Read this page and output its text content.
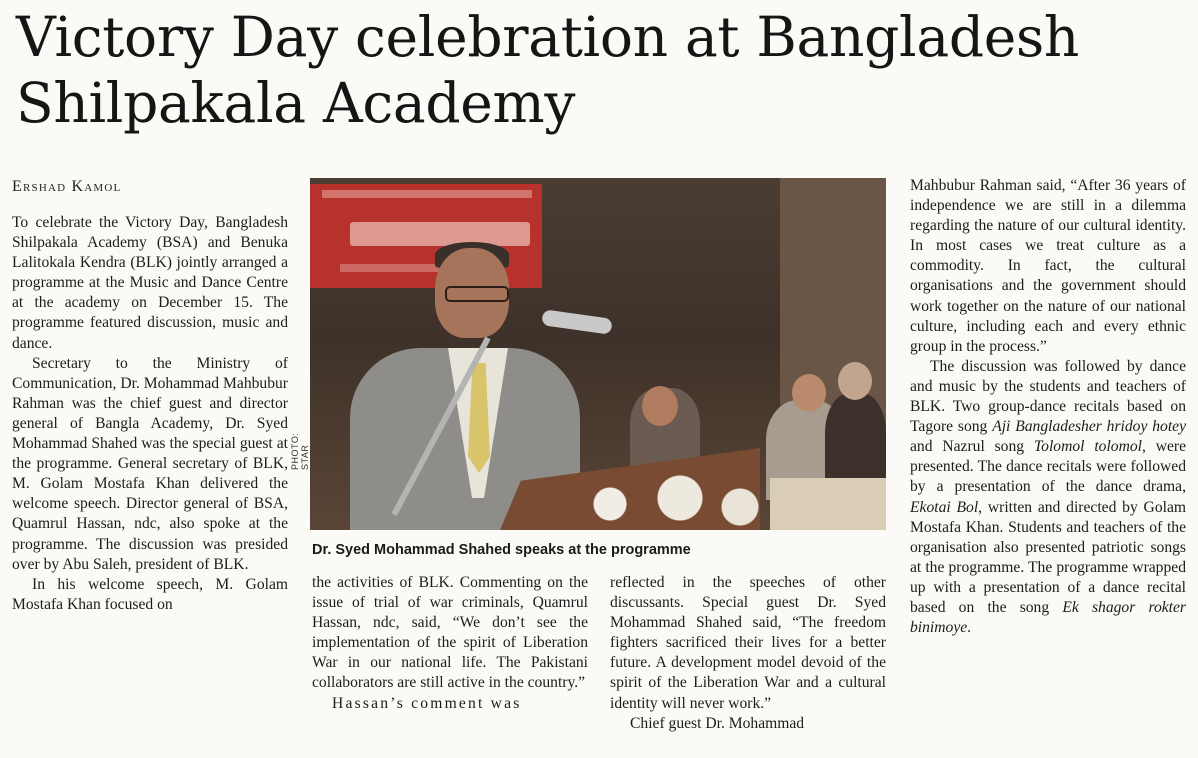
Victory Day celebration at Bangladesh
Shilpakala Academy
Ershad Kamol

To celebrate the Victory Day, Bangladesh Shilpakala Academy (BSA) and Benuka Lalitokala Kendra (BLK) jointly arranged a programme at the Music and Dance Centre at the academy on December 15. The programme featured discussion, music and dance.

Secretary to the Ministry of Communication, Dr. Mohammad Mahbubur Rahman was the chief guest and director general of Bangla Academy, Dr. Syed Mohammad Shahed was the special guest at the programme. General secretary of BLK, M. Golam Mostafa Khan delivered the welcome speech. Director general of BSA, Quamrul Hassan, ndc, also spoke at the programme. The discussion was presided over by Abu Saleh, president of BLK.

In his welcome speech, M. Golam Mostafa Khan focused on

PHOTO: STAR
Dr. Syed Mohammad Shahed speaks at the programme

the activities of BLK. Commenting on the issue of trial of war criminals, Quamrul Hassan, ndc, said, “We don’t see the implementation of the spirit of Liberation War in our national life. The Pakistani collaborators are still active in the country.”

Hassan’s comment was

reflected in the speeches of other discussants. Special guest Dr. Syed Mohammad Shahed said, “The freedom fighters sacrificed their lives for a better future. A development model devoid of the spirit of the Liberation War and a cultural identity will never work.”

Chief guest Dr. Mohammad

Mahbubur Rahman said, “After 36 years of independence we are still in a dilemma regarding the nature of our cultural identity. In most cases we treat culture as a commodity. In fact, the cultural organisations and the government should work together on the nature of our national culture, including each and every ethnic group in the process.”

The discussion was followed by dance and music by the students and teachers of BLK. Two group-dance recitals based on Tagore song Aji Bangladesher hridoy hotey and Nazrul song Tolomol tolomol, were presented. The dance recitals were followed by a presentation of the dance drama, Ekotai Bol, written and directed by Golam Mostafa Khan. Students and teachers of the organisation also presented patriotic songs at the programme. The programme wrapped up with a presentation of a dance recital based on the song Ek shagor rokter binimoye.
